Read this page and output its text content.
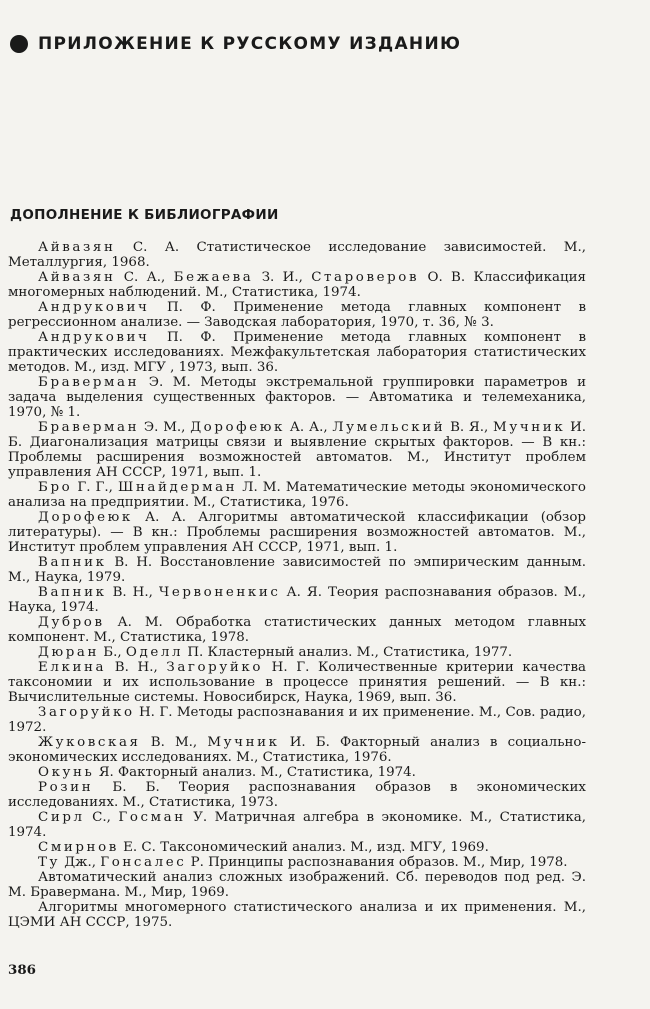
ПРИЛОЖЕНИЕ К РУССКОМУ ИЗДАНИЮ
ДОПОЛНЕНИЕ К БИБЛИОГРАФИИ

Айвазян С. А. Статистическое исследование зависимостей. М., Металлургия, 1968.

Айвазян С. А., Бежаева З. И., Староверов О. В. Классификация многомерных наблюдений. М., Статистика, 1974.

Андрукович П. Ф. Применение метода главных компонент в регрессионном анализе. — Заводская лаборатория, 1970, т. 36, № 3.

Андрукович П. Ф. Применение метода главных компонент в практических исследованиях. Межфакультетская лаборатория статистических методов. М., изд. МГУ , 1973, вып. 36.

Браверман Э. М. Методы экстремальной группировки параметров и задача выделения существенных факторов. — Автоматика и телемеханика, 1970, № 1.

Браверман Э. М., Дорофеюк А. А., Лумельский В. Я., Мучник И. Б. Диагонализация матрицы связи и выявление скрытых факторов. — В кн.: Проблемы расширения возможностей автоматов. М., Институт проблем управления АН СССР, 1971, вып. 1.

Бро Г. Г., Шнайдерман Л. М. Математические методы экономического анализа на предприятии. М., Статистика, 1976.

Дорофеюк А. А. Алгоритмы автоматической классификации (обзор литературы). — В кн.: Проблемы расширения возможностей автоматов. М., Институт проблем управления АН СССР, 1971, вып. 1.

Вапник В. Н. Восстановление зависимостей по эмпирическим данным. М., Наука, 1979.

Вапник В. Н., Червоненкис А. Я. Теория распознавания образов. М., Наука, 1974.

Дубров А. М. Обработка статистических данных методом главных компонент. М., Статистика, 1978.

Дюран Б., Оделл П. Кластерный анализ. М., Статистика, 1977.

Елкина В. Н., Загоруйко Н. Г. Количественные критерии качества таксономии и их использование в процессе принятия решений. — В кн.: Вычислительные системы. Новосибирск, Наука, 1969, вып. 36.

Загоруйко Н. Г. Методы распознавания и их применение. М., Сов. радио, 1972.

Жуковская В. М., Мучник И. Б. Факторный анализ в социально-экономических исследованиях. М., Статистика, 1976.

Окунь Я. Факторный анализ. М., Статистика, 1974.

Розин Б. Б. Теория распознавания образов в экономических исследованиях. М., Статистика, 1973.

Сирл С., Госман У. Матричная алгебра в экономике. М., Статистика, 1974.

Смирнов Е. С. Таксономический анализ. М., изд. МГУ, 1969.

Ту Дж., Гонсалес Р. Принципы распознавания образов. М., Мир, 1978.

Автоматический анализ сложных изображений. Сб. переводов под ред. Э. М. Бравермана. М., Мир, 1969.

Алгоритмы многомерного статистического анализа и их применения. М., ЦЭМИ АН СССР, 1975.

386
